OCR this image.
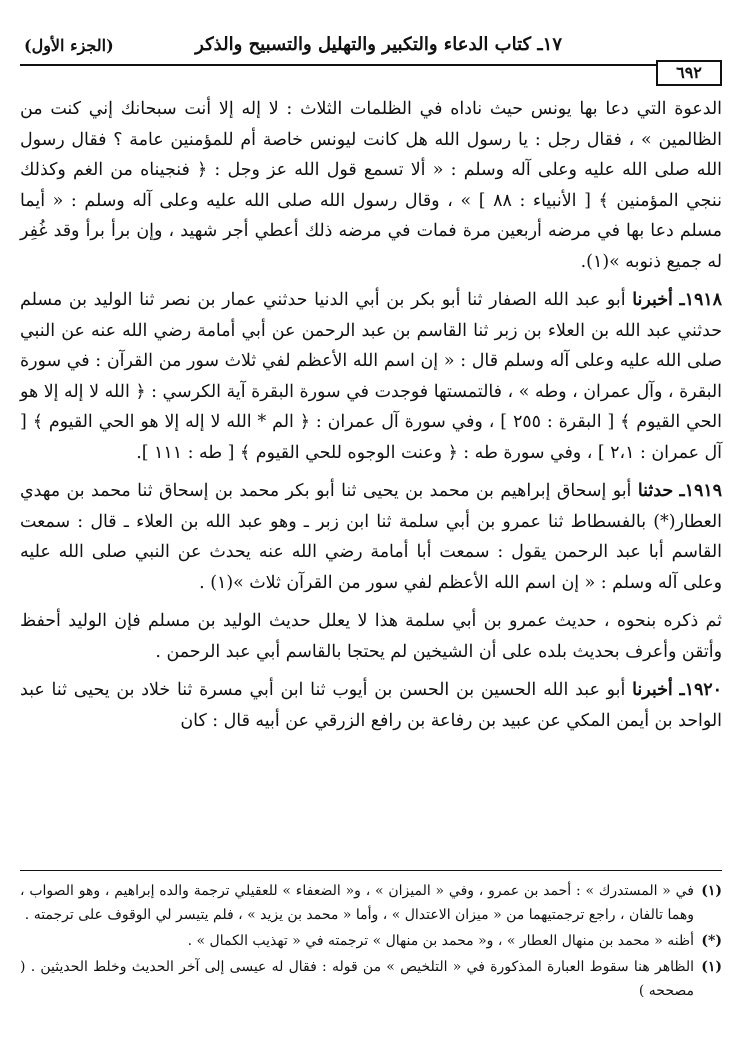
١٧ـ كتاب الدعاء والتكبير والتهليل والتسبيح والذكر
(الجزء الأول)
٦٩٢

الدعوة التي دعا بها يونس حيث ناداه في الظلمات الثلاث : لا إله إلا أنت سبحانك إني كنت من الظالمين » ، فقال رجل : يا رسول الله هل كانت ليونس خاصة أم للمؤمنين عامة ؟ فقال رسول الله صلى الله عليه وعلى آله وسلم : « ألا تسمع قول الله عز وجل : ﴿ فنجيناه من الغم وكذلك ننجي المؤمنين ﴾ [ الأنبياء : ٨٨ ] » ، وقال رسول الله صلى الله عليه وعلى آله وسلم : « أيما مسلم دعا بها في مرضه أربعين مرة فمات في مرضه ذلك أعطي أجر شهيد ، وإن برأ برأ وقد غُفِر له جميع ذنوبه »(١).

١٩١٨ـ أخبرنا أبو عبد الله الصفار ثنا أبو بكر بن أبي الدنيا حدثني عمار بن نصر ثنا الوليد بن مسلم حدثني عبد الله بن العلاء بن زبر ثنا القاسم بن عبد الرحمن عن أبي أمامة رضي الله عنه عن النبي صلى الله عليه وعلى آله وسلم قال : « إن اسم الله الأعظم لفي ثلاث سور من القرآن : في سورة البقرة ، وآل عمران ، وطه » ، فالتمستها فوجدت في سورة البقرة آية الكرسي : ﴿ الله لا إله إلا هو الحي القيوم ﴾ [ البقرة : ٢٥٥ ] ، وفي سورة آل عمران : ﴿ الم * الله لا إله إلا هو الحي القيوم ﴾ [ آل عمران : ٢،١ ] ، وفي سورة طه : ﴿ وعنت الوجوه للحي القيوم ﴾ [ طه : ١١١ ].

١٩١٩ـ حدثنا أبو إسحاق إبراهيم بن محمد بن يحيى ثنا أبو بكر محمد بن إسحاق ثنا محمد بن مهدي العطار(*) بالفسطاط ثنا عمرو بن أبي سلمة ثنا ابن زبر ـ وهو عبد الله بن العلاء ـ قال : سمعت القاسم أبا عبد الرحمن يقول : سمعت أبا أمامة رضي الله عنه يحدث عن النبي صلى الله عليه وعلى آله وسلم : « إن اسم الله الأعظم لفي سور من القرآن ثلاث »(١) .

ثم ذكره بنحوه ، حديث عمرو بن أبي سلمة هذا لا يعلل حديث الوليد بن مسلم فإن الوليد أحفظ وأتقن وأعرف بحديث بلده على أن الشيخين لم يحتجا بالقاسم أبي عبد الرحمن .

١٩٢٠ـ أخبرنا أبو عبد الله الحسين بن الحسن بن أيوب ثنا ابن أبي مسرة ثنا خلاد بن يحيى ثنا عبد الواحد بن أيمن المكي عن عبيد بن رفاعة بن رافع الزرقي عن أبيه قال : كان

(١)
في « المستدرك » : أحمد بن عمرو ، وفي « الميزان » ، و« الضعفاء » للعقيلي ترجمة والده إبراهيم ، وهو الصواب ، وهما تالفان ، راجع ترجمتيهما من « ميزان الاعتدال » ، وأما « محمد بن يزيد » ، فلم يتيسر لي الوقوف على ترجمته .
(*)
أظنه « محمد بن منهال العطار » ، و« محمد بن منهال » ترجمته في « تهذيب الكمال » .
(١)
الظاهر هنا سقوط العبارة المذكورة في « التلخيص » من قوله : فقال له عيسى إلى آخر الحديث وخلط الحديثين . ( مصححه )
